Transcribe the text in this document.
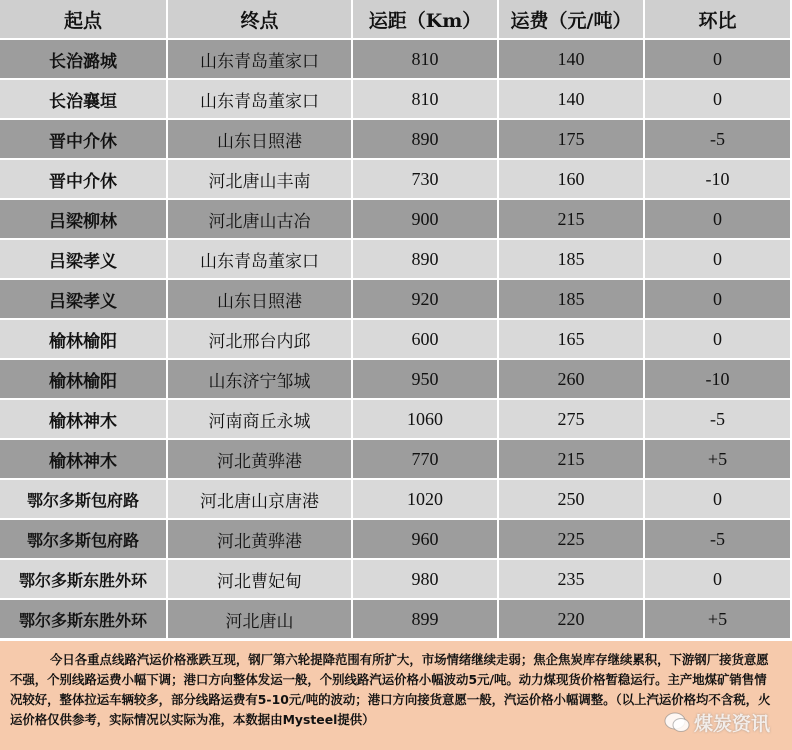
起点	终点	运距（Km）	运费（元/吨）	环比
长治潞城	山东青岛董家口	810	140	0
长治襄垣	山东青岛董家口	810	140	0
晋中介休	山东日照港	890	175	-5
晋中介休	河北唐山丰南	730	160	-10
吕梁柳林	河北唐山古冶	900	215	0
吕梁孝义	山东青岛董家口	890	185	0
吕梁孝义	山东日照港	920	185	0
榆林榆阳	河北邢台内邱	600	165	0
榆林榆阳	山东济宁邹城	950	260	-10
榆林神木	河南商丘永城	1060	275	-5
榆林神木	河北黄骅港	770	215	+5
鄂尔多斯包府路	河北唐山京唐港	1020	250	0
鄂尔多斯包府路	河北黄骅港	960	225	-5
鄂尔多斯东胜外环	河北曹妃甸	980	235	0
鄂尔多斯东胜外环	河北唐山	899	220	+5

今日各重点线路汽运价格涨跌互现，钢厂第六轮提降范围有所扩大，市场情绪继续走弱；焦企焦炭库存继续累积，下游钢厂接货意愿不强，个别线路运费小幅下调；港口方向整体发运一般，个别线路汽运价格小幅波动5元/吨。动力煤现货价格暂稳运行。主产地煤矿销售情况较好，整体拉运车辆较多，部分线路运费有5-10元/吨的波动；港口方向接货意愿一般，汽运价格小幅调整。（以上汽运价格均不含税，火运价格仅供参考，实际情况以实际为准，本数据由Mysteel提供）	煤炭资讯
